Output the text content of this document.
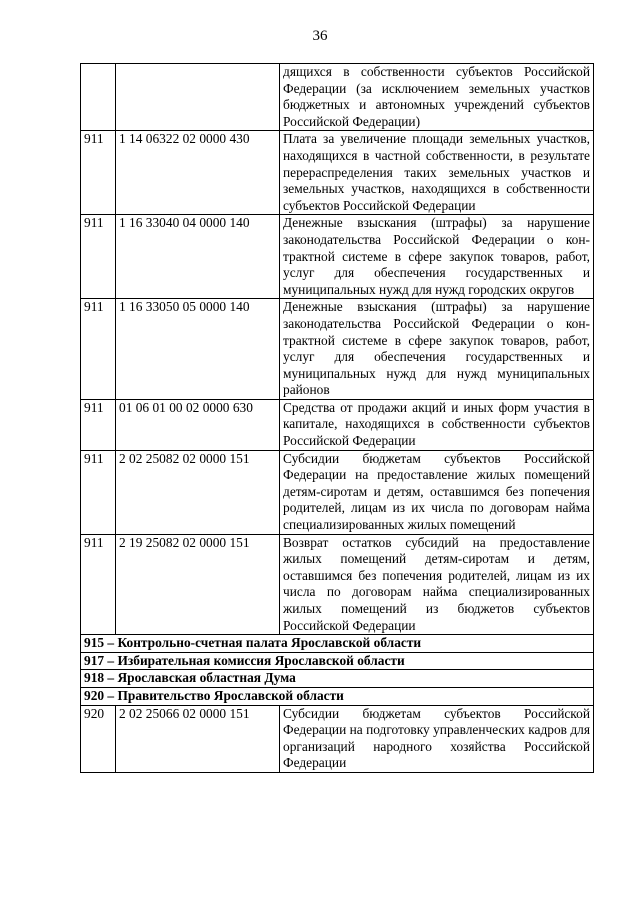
36
		дящихся в собственности субъектов Российской Федерации (за исключением земельных участков бюджетных и автономных учреждений субъектов Российской Федерации)
911	1 14 06322 02 0000 430	Плата за увеличение площади земельных участков, находящихся в частной собственности, в результате перераспределения таких земельных участков и земельных участков, находящихся в собственности субъектов Российской Федерации
911	1 16 33040 04 0000 140	Денежные взыскания (штрафы) за нарушение законодательства Российской Федерации о контрактной системе в сфере закупок товаров, работ, услуг для обеспечения государственных и муниципальных нужд для нужд городских округов
911	1 16 33050 05 0000 140	Денежные взыскания (штрафы) за нарушение законодательства Российской Федерации о контрактной системе в сфере закупок товаров, работ, услуг для обеспечения государственных и муниципальных нужд для нужд муниципальных районов
911	01 06 01 00 02 0000 630	Средства от продажи акций и иных форм участия в капитале, находящихся в собственности субъектов Российской Федерации
911	2 02 25082 02 0000 151	Субсидии бюджетам субъектов Российской Федерации на предоставление жилых помещений детям-сиротам и детям, оставшимся без попечения родителей, лицам из их числа по договорам найма специализированных жилых помещений
911	2 19 25082 02 0000 151	Возврат остатков субсидий на предоставление жилых помещений детям-сиротам и детям, оставшимся без попечения родителей, лицам из их числа по договорам найма специализированных жилых помещений из бюджетов субъектов Российской Федерации
915 – Контрольно-счетная палата Ярославской области		
917 – Избирательная комиссия Ярославской области		
918 – Ярославская областная Дума		
920 – Правительство Ярославской области		
920	2 02 25066 02 0000 151	Субсидии бюджетам субъектов Российской Федерации на подготовку управленческих кадров для организаций народного хозяйства Российской Федерации
